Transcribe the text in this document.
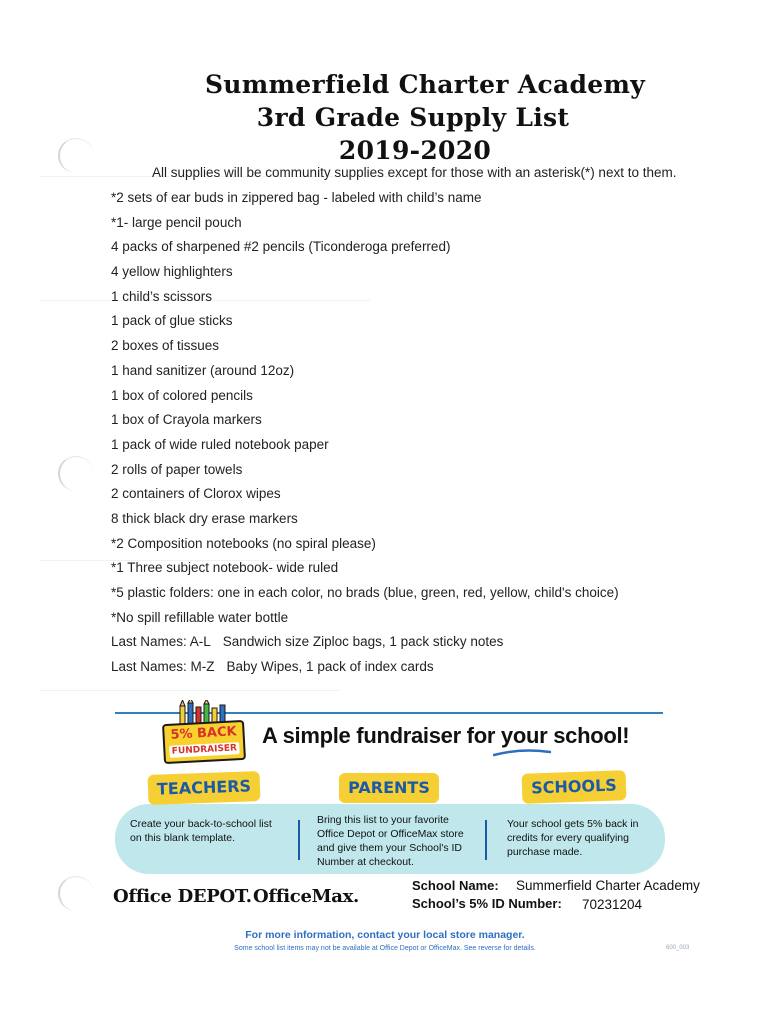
Summerfield Charter Academy
3rd Grade Supply List
2019-2020
All supplies will be community supplies except for those with an asterisk(*) next to them.
*2 sets of ear buds in zippered bag - labeled with child’s name
*1- large pencil pouch
4 packs of sharpened #2 pencils (Ticonderoga preferred)
4 yellow highlighters
1 child’s scissors
1 pack of glue sticks
2 boxes of tissues
1 hand sanitizer (around 12oz)
1 box of colored pencils
1 box of Crayola markers
1 pack of wide ruled notebook paper
2 rolls of paper towels
2 containers of Clorox wipes
8 thick black dry erase markers
*2 Composition notebooks (no spiral please)
*1 Three subject notebook- wide ruled
*5 plastic folders: one in each color, no brads (blue, green, red, yellow, child's choice)
*No spill refillable water bottle
Last Names: A-L Sandwich size Ziploc bags, 1 pack sticky notes
Last Names: M-Z Baby Wipes, 1 pack of index cards
5% BACK
FUNDRAISER
A simple fundraiser for your school!
TEACHERS	PARENTS	SCHOOLS
Create your back-to-school list on this blank template.
Bring this list to your favorite Office Depot or OfficeMax store and give them your School's ID Number at checkout.
Your school gets 5% back in credits for every qualifying purchase made.
Office DEPOT. OfficeMax.
School Name: Summerfield Charter Academy
School’s 5% ID Number: 70231204
For more information, contact your local store manager.
Some school list items may not be available at Office Depot or OfficeMax. See reverse for details.	600_003
